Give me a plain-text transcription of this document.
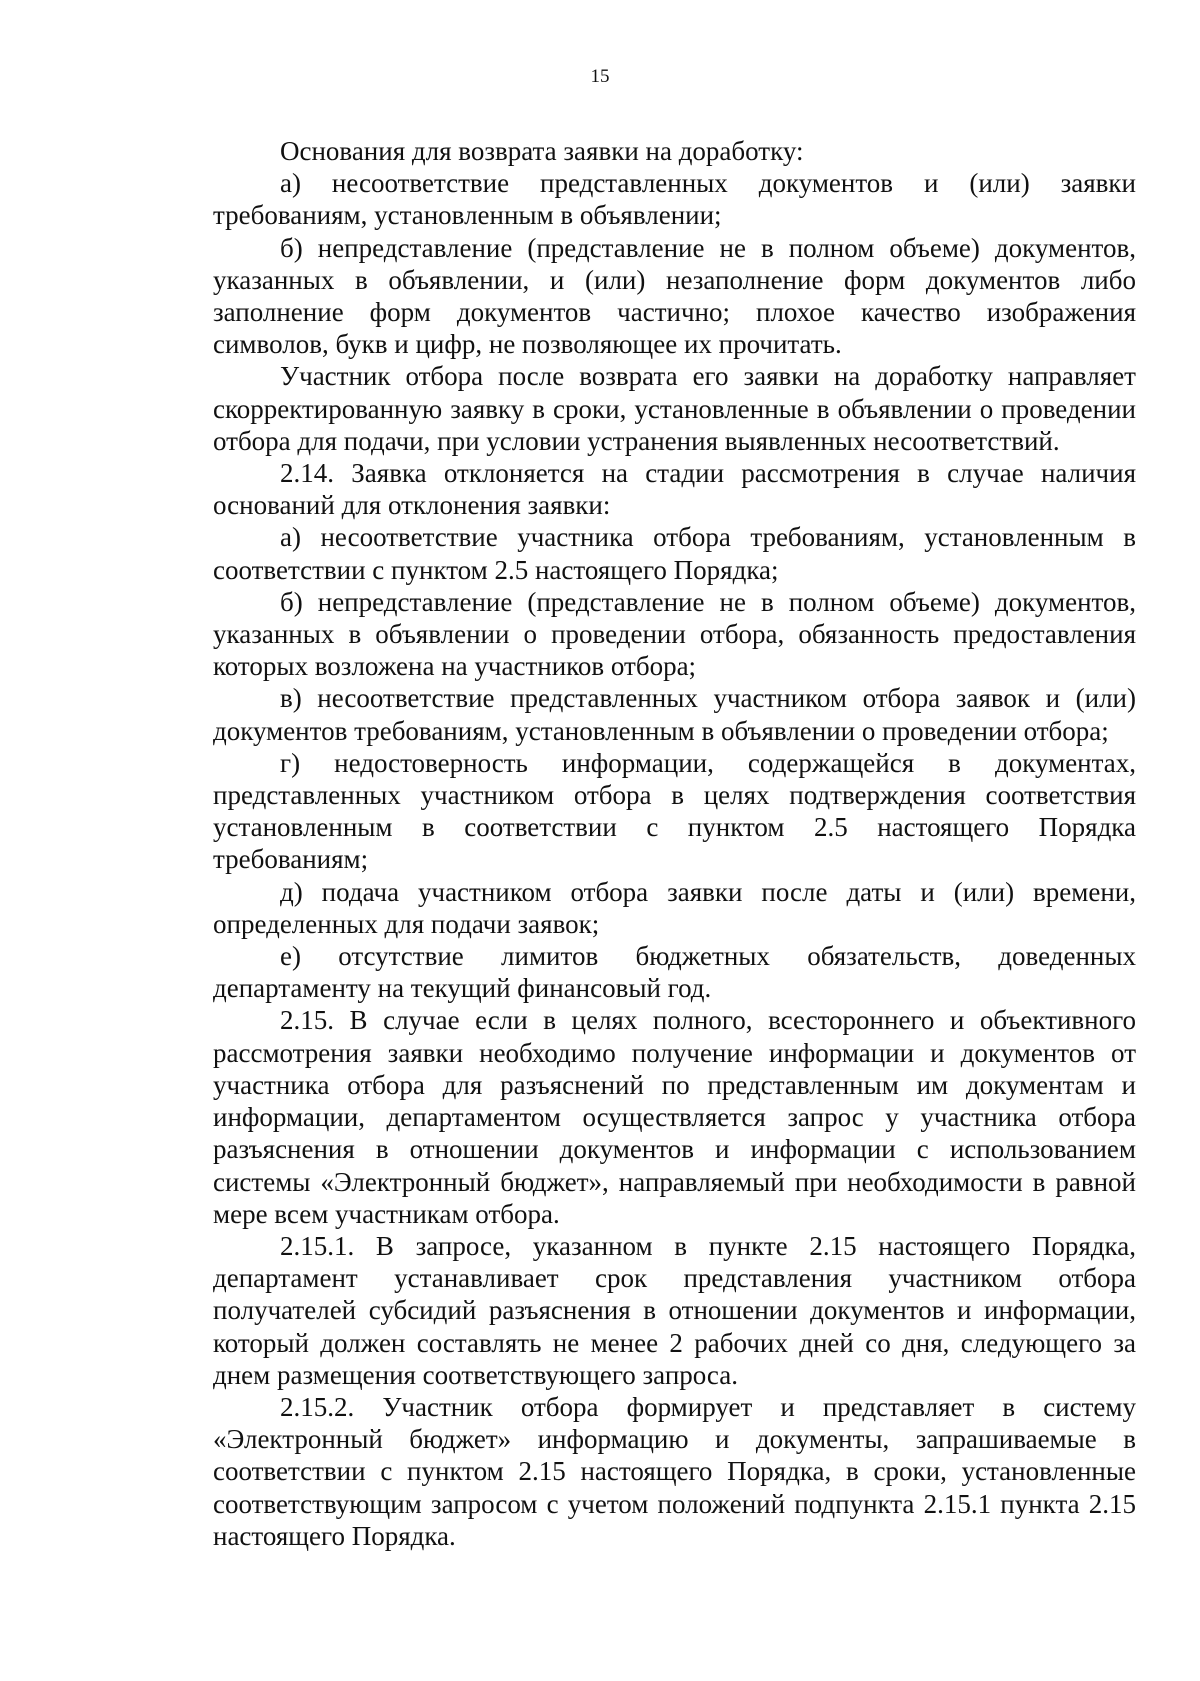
15

Основания для возврата заявки на доработку:

а) несоответствие представленных документов и (или) заявки требованиям, установленным в объявлении;

б) непредставление (представление не в полном объеме) документов, указанных в объявлении, и (или) незаполнение форм документов либо заполнение форм документов частично; плохое качество изображения символов, букв и цифр, не позволяющее их прочитать.

Участник отбора после возврата его заявки на доработку направляет скорректированную заявку в сроки, установленные в объявлении о проведении отбора для подачи, при условии устранения выявленных несоответствий.

2.14. Заявка отклоняется на стадии рассмотрения в случае наличия оснований для отклонения заявки:

а) несоответствие участника отбора требованиям, установленным в соответствии с пунктом 2.5 настоящего Порядка;

б) непредставление (представление не в полном объеме) документов, указанных в объявлении о проведении отбора, обязанность предоставления которых возложена на участников отбора;

в) несоответствие представленных участником отбора заявок и (или) документов требованиям, установленным в объявлении о проведении отбора;

г) недостоверность информации, содержащейся в документах, представленных участником отбора в целях подтверждения соответствия установленным в соответствии с пунктом 2.5 настоящего Порядка требованиям;

д) подача участником отбора заявки после даты и (или) времени, определенных для подачи заявок;

е) отсутствие лимитов бюджетных обязательств, доведенных департаменту на текущий финансовый год.

2.15. В случае если в целях полного, всестороннего и объективного рассмотрения заявки необходимо получение информации и документов от участника отбора для разъяснений по представленным им документам и информации, департаментом осуществляется запрос у участника отбора разъяснения в отношении документов и информации с использованием системы «Электронный бюджет», направляемый при необходимости в равной мере всем участникам отбора.

2.15.1. В запросе, указанном в пункте 2.15 настоящего Порядка, департамент устанавливает срок представления участником отбора получателей субсидий разъяснения в отношении документов и информации, который должен составлять не менее 2 рабочих дней со дня, следующего за днем размещения соответствующего запроса.

2.15.2. Участник отбора формирует и представляет в систему «Электронный бюджет» информацию и документы, запрашиваемые в соответствии с пунктом 2.15 настоящего Порядка, в сроки, установленные соответствующим запросом с учетом положений подпункта 2.15.1 пункта 2.15 настоящего Порядка.
